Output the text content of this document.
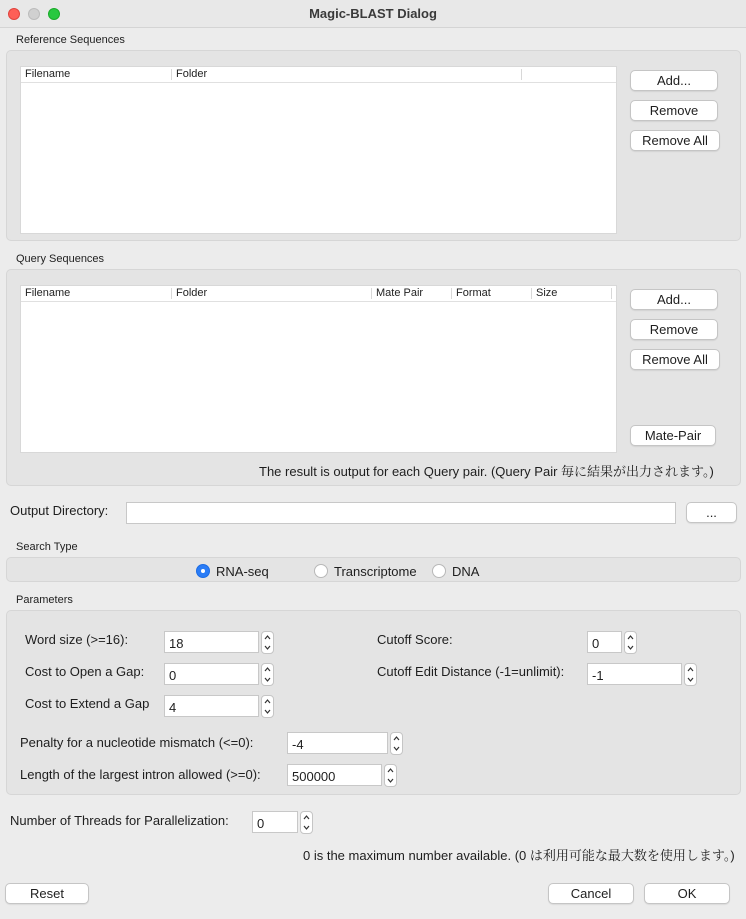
Magic-BLAST Dialog
Reference Sequences
Filename	Folder	Add...
Remove
Remove All
Query Sequences
Filename	Folder	Mate Pair	Format	Size	Add...
Remove
Remove All
Mate-Pair
The result is output for each Query pair. (Query Pair 毎に結果が出力されます。)
Output Directory:	...
Search Type
RNA-seq	Transcriptome	DNA
Parameters
Word size (>=16):
18
Cost to Open a Gap:
0
Cost to Extend a Gap
4
Cutoff Score:
0
Cutoff Edit Distance (-1=unlimit):
-1
Penalty for a nucleotide mismatch (<=0):
-4
Length of the largest intron allowed (>=0):
500000
Number of Threads for Parallelization:
0
0 is the maximum number available. (0 は利用可能な最大数を使用します。)
Reset	Cancel	OK
